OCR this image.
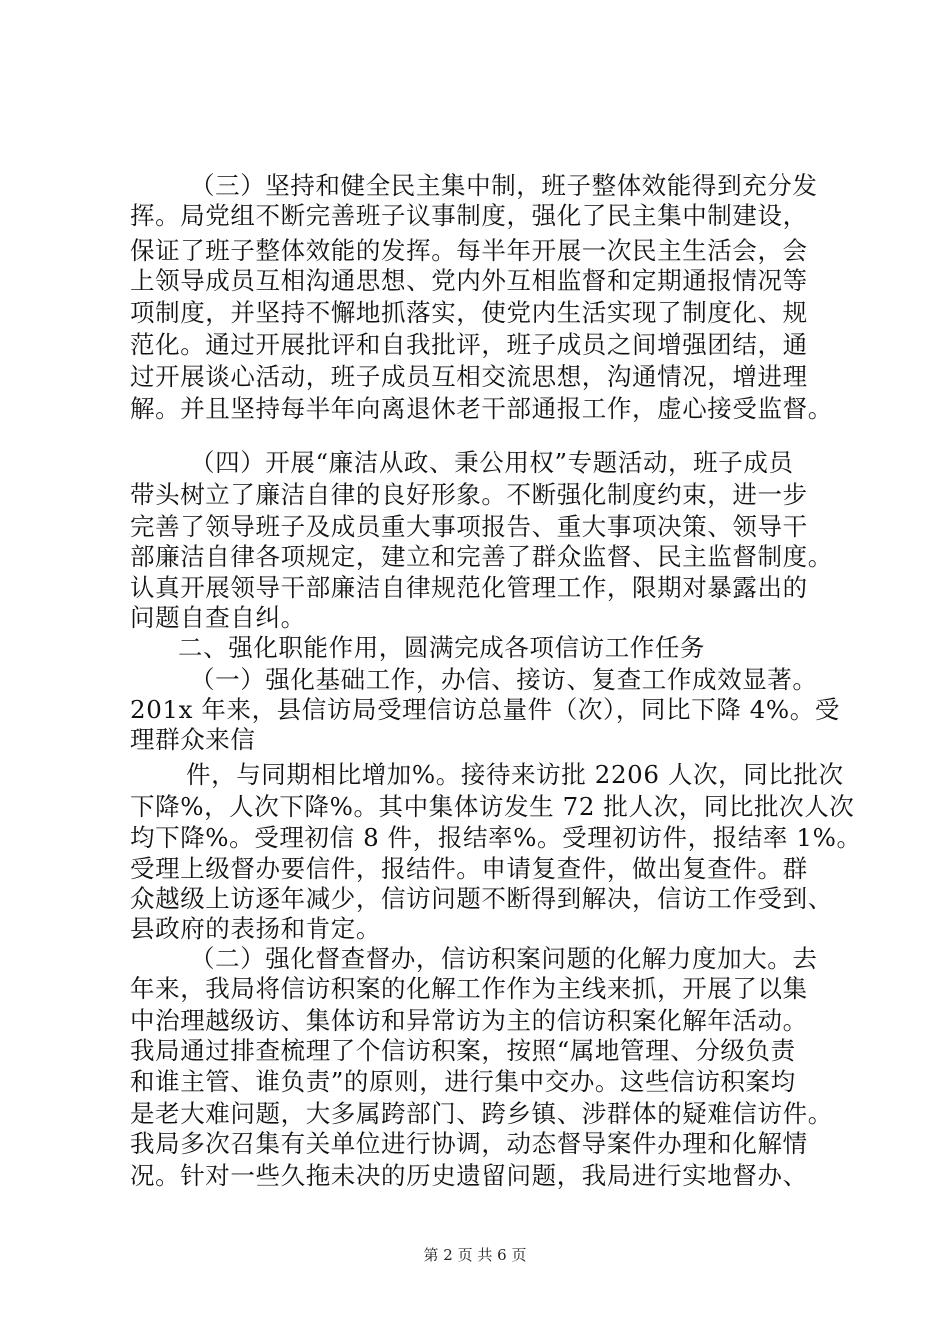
（三）坚持和健全民主集中制，班子整体效能得到充分发
挥。局党组不断完善班子议事制度，强化了民主集中制建设，
保证了班子整体效能的发挥。每半年开展一次民主生活会，会
上领导成员互相沟通思想、党内外互相监督和定期通报情况等
项制度，并坚持不懈地抓落实，使党内生活实现了制度化、规
范化。通过开展批评和自我批评，班子成员之间增强团结，通
过开展谈心活动，班子成员互相交流思想，沟通情况，增进理
解。并且坚持每半年向离退休老干部通报工作，虚心接受监督。
（四）开展“廉洁从政、秉公用权”专题活动，班子成员
带头树立了廉洁自律的良好形象。不断强化制度约束，进一步
完善了领导班子及成员重大事项报告、重大事项决策、领导干
部廉洁自律各项规定，建立和完善了群众监督、民主监督制度。
认真开展领导干部廉洁自律规范化管理工作，限期对暴露出的
问题自查自纠。
二、强化职能作用，圆满完成各项信访工作任务
（一）强化基础工作，办信、接访、复查工作成效显著。
201x 年来，县信访局受理信访总量件（次），同比下降 4%。受
理群众来信
件，与同期相比增加%。接待来访批 2206 人次，同比批次
下降%，人次下降%。其中集体访发生 72 批人次，同比批次人次
均下降%。受理初信 8 件，报结率%。受理初访件，报结率 1%。
受理上级督办要信件，报结件。申请复查件，做出复查件。群
众越级上访逐年减少，信访问题不断得到解决，信访工作受到、
县政府的表扬和肯定。
（二）强化督查督办，信访积案问题的化解力度加大。去
年来，我局将信访积案的化解工作作为主线来抓，开展了以集
中治理越级访、集体访和异常访为主的信访积案化解年活动。
我局通过排查梳理了个信访积案，按照“属地管理、分级负责
和谁主管、谁负责”的原则，进行集中交办。这些信访积案均
是老大难问题，大多属跨部门、跨乡镇、涉群体的疑难信访件。
我局多次召集有关单位进行协调，动态督导案件办理和化解情
况。针对一些久拖未决的历史遗留问题，我局进行实地督办、
第 2 页 共 6 页
